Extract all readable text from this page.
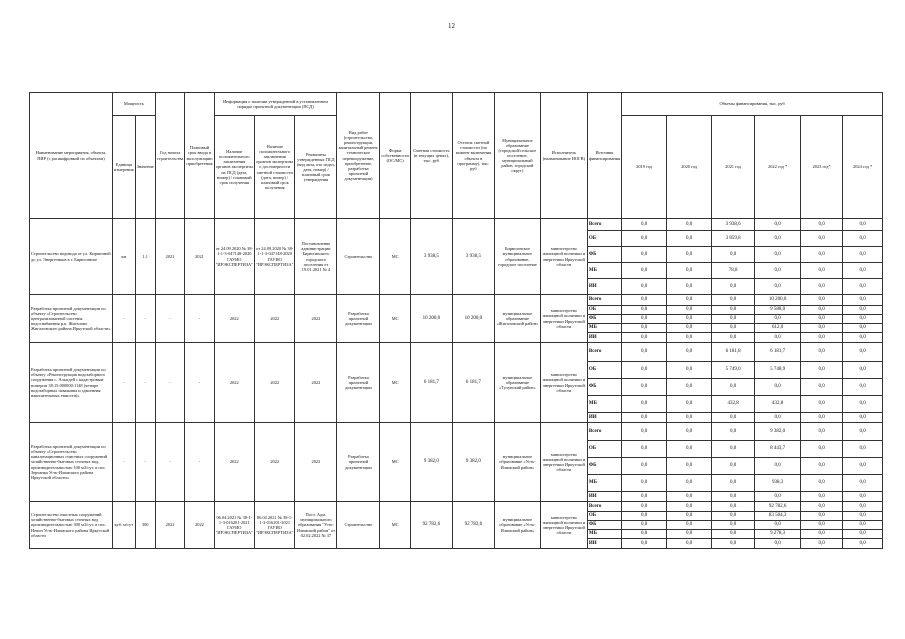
12
Наименование мероприятия, объекта, ПИР (с расшифровкой по объектам)	Мощность		Год начала строительства	Плановый срок ввода в эксплуатацию приобретения	Информация о наличии утвержденной в установленном порядке проектной документации (ПСД)			Вид работ (строительство, реконструкция, капитальный ремонт, техническое перевооружение, приобретение, разработка проектной документации)	Форма собственности (ОС/МС)	Сметная стоимость (в текущих ценах), тыс. руб	Остаток сметной стоимости (на момент включения объекта в программу), тыс. руб	Муниципальное образование (городской/сельское поселение, муниципальный район, городской округ)	Исполнитель (наименование ИОГВ)	Источник финансирования	Объемы финансирования, тыс. руб					
	Единица измерения	Значение			Наличие положительного заключения органов экспертизы на ПСД (дата, номер) / плановый срок получения	Наличие положительного заключения органов экспертизы о достоверности сметной стоимости (дата, номер) / плановый срок получения	Реквизиты утвержденных ПСД (вид акта, кто издал, дата, номер) / плановый срок утверждения								2019 год	2020 год	2021 год	2022 год *	2023 год*	2024 год *
Строительство водовода от ул. Кирпичной до ул. Энергетиков в г. Бирюсинске	км	1,1	2021	2021	от 24.09.2020 № 38-1-1-3-047148-2020 ГАУИО "ИРЭКСПЕРТИЗА"	от 24.09.2020 № 38-1-1-3-047148-2020 ГАУИО "ИРЭКСПЕРТИЗА"	Постановление администрации Бирюсинского городского поселения от 19.01.2021 № 4	Строительство	МС	3 938,5	3 938,5	Бирюсинское муниципальное образование, городское поселение	министерство жилищной политики и энергетики Иркутской области	Всего	0,0	0,0	3 938,6	0,0	0,0	0,0
														ОБ	0,0	0,0	3 859,8	0,0	0,0	0,0
														ФБ	0,0	0,0	0,0	0,0	0,0	0,0
														МБ	0,0	0,0	78,8	0,0	0,0	0,0
														ИИ	0,0	0,0	0,0	0,0	0,0	0,0
Разработка проектной документации по объекту «Строительство централизованной системы водоснабжения р.п. Жигалово Жигаловского района Иркутской области»	-	-	-	-	2022	2022	2022	Разработка проектной документации	МС	10 200,0	10 200,0	муниципальное образование «Жигаловский район»	министерство жилищной политики и энергетики Иркутской области	Всего	0,0	0,0	0,0	10 200,0	0,0	0,0
														ОБ	0,0	0,0	0,0	9 588,0	0,0	0,0
														ФБ	0,0	0,0	0,0	0,0	0,0	0,0
														МБ	0,0	0,0	0,0	612,0	0,0	0,0
														ИИ	0,0	0,0	0,0	0,0	0,0	0,0
Разработка проектной документации по объекту «Реконструкция водозаборного сооружения с. Алыгдей с кадастровым номером 38:15:000000:1148 (четыре водозаборных скважины и здвоенная накопительных емкости)»	-	-	-	-	2022	2022	2022	Разработка проектной документации	МС	6 181,7	6 181,7	муниципальное образование «Тулунский район»	министерство жилищной политики и энергетики Иркутской области	Всего	0,0	0,0	6 181,8	6 181,7	0,0	0,0
														ОБ	0,0	0,0	5 749,0	5 748,9	0,0	0,0
														ФБ	0,0	0,0	0,0	0,0	0,0	0,0
														МБ	0,0	0,0	432,8	432,8	0,0	0,0
														ИИ	0,0	0,0	0,0	0,0	0,0	0,0
Разработка проектной документации по объекту «Строительство канализационных очистных сооружений хозяйственно-бытовых сточных вод, производительностью 100 м3/сут. в пос. Зерчанка Усть-Илимского района Иркутской области»	-	-	-	-	2022	2022	2022	Разработка проектной документации	МС	9 382,0	9 382,0	муниципальное образование «Усть-Илимский район»	министерство жилищной политики и энергетики Иркутской области	Всего	0,0	0,0	0,0	9 382,0	0,0	0,0
														ОБ	0,0	0,0	0,0	8 443,7	0,0	0,0
														ФБ	0,0	0,0	0,0	0,0	0,0	0,0
														МБ	0,0	0,0	0,0	938,3	0,0	0,0
														ИИ	0,0	0,0	0,0	0,0	0,0	0,0
Строительство очистных сооружений хозяйственно-бытовых сточных вод производительностью 300 м3/сут. в пос. Невон Усть-Илимского района Иркутской области	куб. м/сут	300	2022	2022	06.04.2021 № 38-1-1-3-016201-2021 ГАУИО "ИРЭКСПЕРТИЗА"	06.04.2021 № 38-1-1-3-016201-2021 ГАУИО "ИРЭКСПЕРТИЗА"	Пост. Адм. муниципального образования "Усть-Илимский район" от 02.02.2022 № 37	Строительство	МС	92 782,6	92 782,6	муниципальное образование «Усть-Илимский район»	министерство жилищной политики и энергетики Иркутской области	Всего	0,0	0,0	0,0	92 782,6	0,0	0,0
														ОБ	0,0	0,0	0,0	83 504,3	0,0	0,0
														ФБ	0,0	0,0	0,0	0,0	0,0	0,0
														МБ	0,0	0,0	0,0	9 278,3	0,0	0,0
														ИИ	0,0	0,0	0,0	0,0	0,0	0,0
